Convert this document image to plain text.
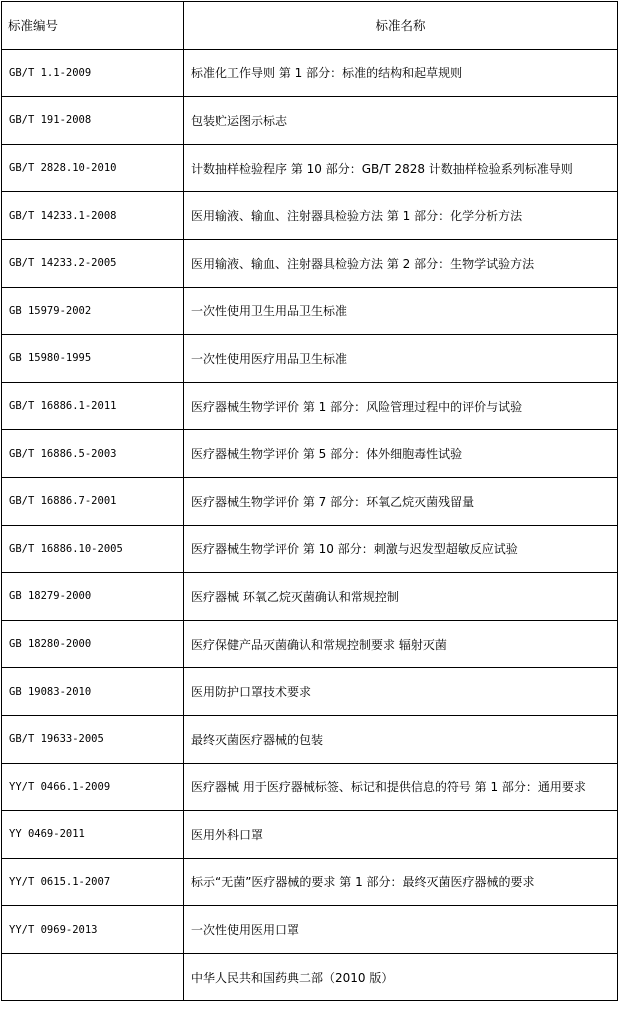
标准编号	标准名称
GB/T 1.1-2009	标准化工作导则 第 1 部分：标准的结构和起草规则
GB/T 191-2008	包装贮运图示标志
GB/T 2828.10-2010	计数抽样检验程序 第 10 部分：GB/T 2828 计数抽样检验系列标准导则
GB/T 14233.1-2008	医用输液、输血、注射器具检验方法 第 1 部分：化学分析方法
GB/T 14233.2-2005	医用输液、输血、注射器具检验方法 第 2 部分：生物学试验方法
GB 15979-2002	一次性使用卫生用品卫生标准
GB 15980-1995	一次性使用医疗用品卫生标准
GB/T 16886.1-2011	医疗器械生物学评价 第 1 部分：风险管理过程中的评价与试验
GB/T 16886.5-2003	医疗器械生物学评价 第 5 部分：体外细胞毒性试验
GB/T 16886.7-2001	医疗器械生物学评价 第 7 部分：环氧乙烷灭菌残留量
GB/T 16886.10-2005	医疗器械生物学评价 第 10 部分：刺激与迟发型超敏反应试验
GB 18279-2000	医疗器械 环氧乙烷灭菌确认和常规控制
GB 18280-2000	医疗保健产品灭菌确认和常规控制要求 辐射灭菌
GB 19083-2010	医用防护口罩技术要求
GB/T 19633-2005	最终灭菌医疗器械的包装
YY/T 0466.1-2009	医疗器械 用于医疗器械标签、标记和提供信息的符号 第 1 部分：通用要求
YY 0469-2011	医用外科口罩
YY/T 0615.1-2007	标示“无菌”医疗器械的要求 第 1 部分：最终灭菌医疗器械的要求
YY/T 0969-2013	一次性使用医用口罩
	中华人民共和国药典二部（2010 版）
